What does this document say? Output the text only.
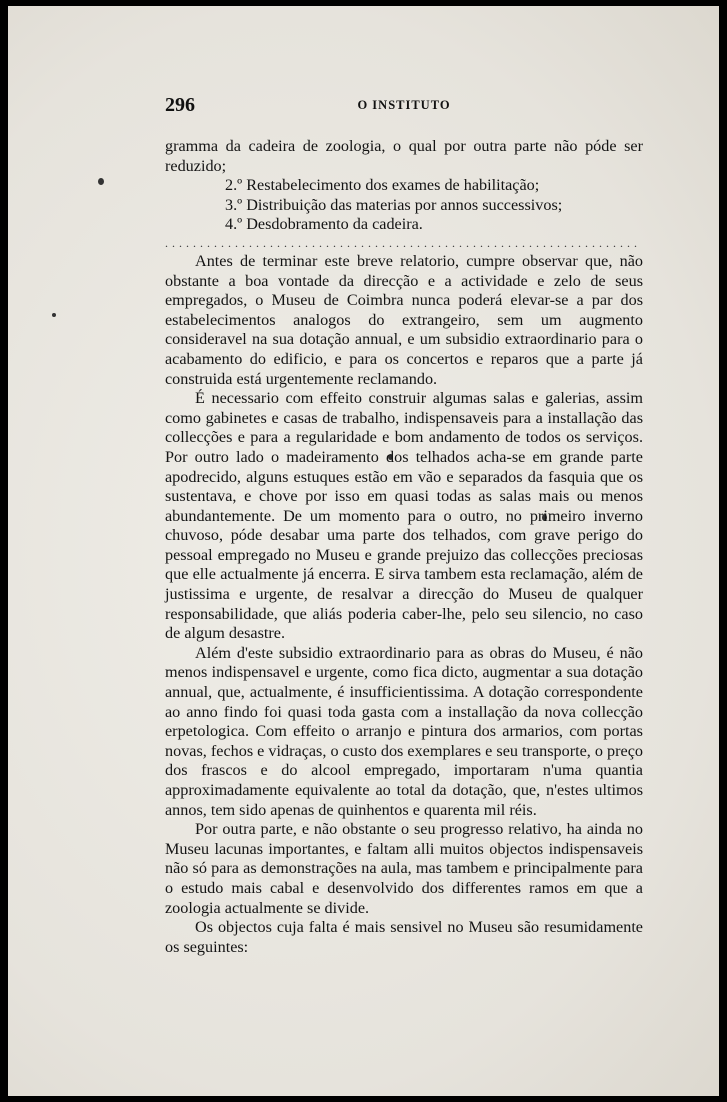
296	O INSTITUTO

gramma da cadeira de zoologia, o qual por outra parte não póde ser reduzido;

2.º Restabelecimento dos exames de habilitação;

3.º Distribuição das materias por annos successivos;

4.º Desdobramento da cadeira.

....................................................................

Antes de terminar este breve relatorio, cumpre observar que, não obstante a boa vontade da direcção e a actividade e zelo de seus empregados, o Museu de Coimbra nunca poderá elevar-se a par dos estabelecimentos analogos do extrangeiro, sem um augmento consideravel na sua dotação annual, e um subsidio extraordinario para o acabamento do edificio, e para os concertos e reparos que a parte já construida está urgentemente reclamando.

É necessario com effeito construir algumas salas e galerias, assim como gabinetes e casas de trabalho, indispensaveis para a installação das collecções e para a regularidade e bom andamento de todos os serviços. Por outro lado o madeiramento dos telhados acha-se em grande parte apodrecido, alguns estuques estão em vão e separados da fasquia que os sustentava, e chove por isso em quasi todas as salas mais ou menos abundantemente. De um momento para o outro, no primeiro inverno chuvoso, póde desabar uma parte dos telhados, com grave perigo do pessoal empregado no Museu e grande prejuizo das collecções preciosas que elle actualmente já encerra. E sirva tambem esta reclamação, além de justissima e urgente, de resalvar a direcção do Museu de qualquer responsabilidade, que aliás poderia caber-lhe, pelo seu silencio, no caso de algum desastre.

Além d'este subsidio extraordinario para as obras do Museu, é não menos indispensavel e urgente, como fica dicto, augmentar a sua dotação annual, que, actualmente, é insufficientissima. A dotação correspondente ao anno findo foi quasi toda gasta com a installação da nova collecção erpetologica. Com effeito o arranjo e pintura dos armarios, com portas novas, fechos e vidraças, o custo dos exemplares e seu transporte, o preço dos frascos e do alcool empregado, importaram n'uma quantia approximadamente equivalente ao total da dotação, que, n'estes ultimos annos, tem sido apenas de quinhentos e quarenta mil réis.

Por outra parte, e não obstante o seu progresso relativo, ha ainda no Museu lacunas importantes, e faltam alli muitos objectos indispensaveis não só para as demonstrações na aula, mas tambem e principalmente para o estudo mais cabal e desenvolvido dos differentes ramos em que a zoologia actualmente se divide.

Os objectos cuja falta é mais sensivel no Museu são resumidamente os seguintes:
